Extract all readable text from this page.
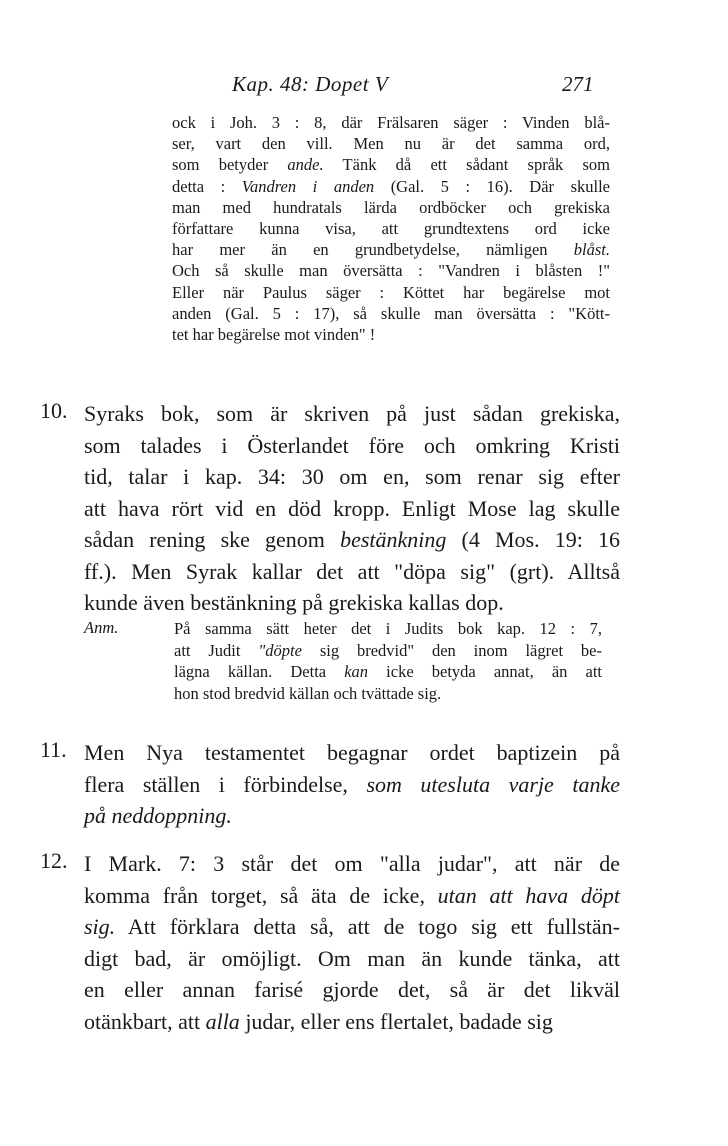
Kap. 48: Dopet V	271
ock i Joh. 3 : 8, där Frälsaren säger : Vinden blå-
ser, vart den vill. Men nu är det samma ord,
som betyder ande. Tänk då ett sådant språk som
detta : Vandren i anden (Gal. 5 : 16). Där skulle
man med hundratals lärda ordböcker och grekiska
författare kunna visa, att grundtextens ord icke
har mer än en grundbetydelse, nämligen blåst.
Och så skulle man översätta : "Vandren i blåsten !"
Eller när Paulus säger : Köttet har begärelse mot
anden (Gal. 5 : 17), så skulle man översätta : "Kött-
tet har begärelse mot vinden" !
10. Syraks bok, som är skriven på just sådan grekiska,
som talades i Österlandet före och omkring Kristi
tid, talar i kap. 34: 30 om en, som renar sig efter
att hava rört vid en död kropp. Enligt Mose lag skulle
sådan rening ske genom bestänkning (4 Mos. 19: 16
ff.). Men Syrak kallar det att "döpa sig" (grt). Alltså
kunde även bestänkning på grekiska kallas dop.
Anm.	På samma sätt heter det i Judits bok kap. 12 : 7,
att Judit "döpte sig bredvid" den inom lägret be-
lägna källan. Detta kan icke betyda annat, än att
hon stod bredvid källan och tvättade sig.
11. Men Nya testamentet begagnar ordet baptizein på
flera ställen i förbindelse, som utesluta varje tanke
på neddoppning.
12. I Mark. 7: 3 står det om "alla judar", att när de
komma från torget, så äta de icke, utan att hava döpt
sig. Att förklara detta så, att de togo sig ett fullstän-
digt bad, är omöjligt. Om man än kunde tänka, att
en eller annan farisé gjorde det, så är det likväl
otänkbart, att alla judar, eller ens flertalet, badade sig
